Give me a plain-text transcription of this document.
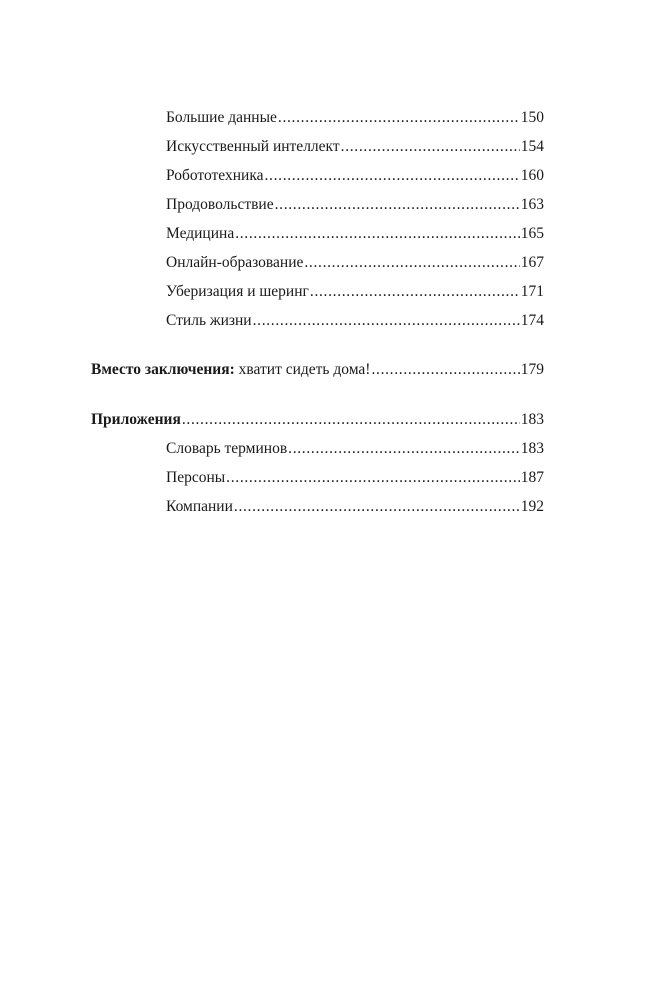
Большие данные . . .	150
Искусственный интеллект . . .	154
Робототехника . . .	160
Продовольствие . . .	163
Медицина . . .	165
Онлайн-образование . . .	167
Уберизация и шеринг . . .	171
Стиль жизни . . .	174
Вместо заключения: хватит сидеть дома! . . .	179
Приложения . . .	183
Словарь терминов . . .	183
Персоны . . .	187
Компании . . .	192
